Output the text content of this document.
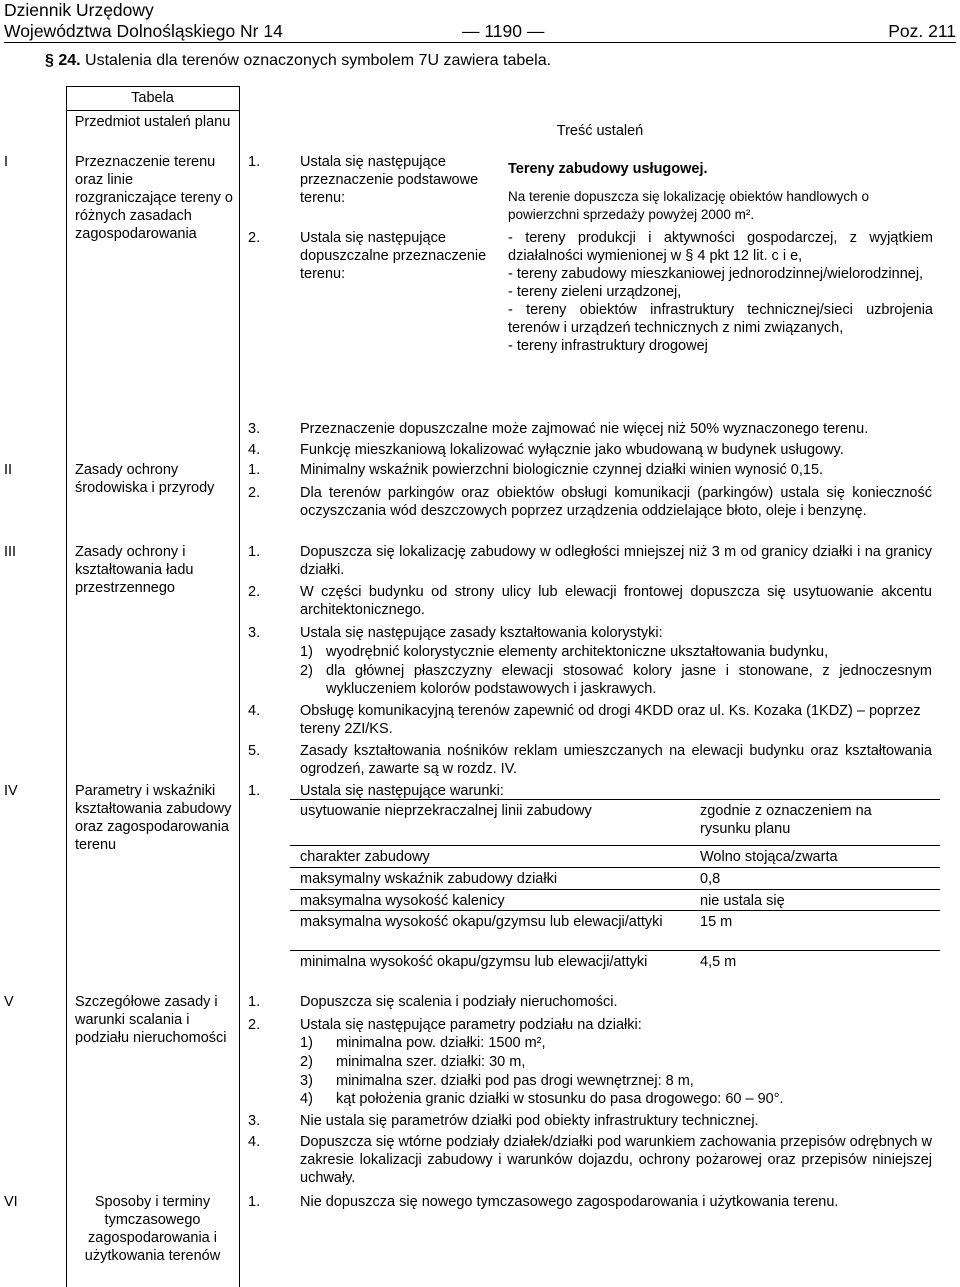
Dziennik Urzędowy
Województwa Dolnośląskiego Nr 14	— 1190 —	Poz. 211
§ 24. Ustalenia dla terenów oznaczonych symbolem 7U zawiera tabela.
Tabela
Przedmiot ustaleń planu
Treść ustaleń
I	Przeznaczenie terenu oraz linie rozgraniczające tereny o różnych zasadach zagospodarowania
1.	Ustala się następujące przeznaczenie podstawowe terenu:
Tereny zabudowy usługowej.
Na terenie dopuszcza się lokalizację obiektów handlowych o powierzchni sprzedaży powyżej 2000 m².
2.	Ustala się następujące dopuszczalne przeznaczenie terenu:
- tereny produkcji i aktywności gospodarczej, z wyjątkiem działalności wymienionej w § 4 pkt 12 lit. c i e,
- tereny zabudowy mieszkaniowej jednorodzinnej/wielorodzinnej,
- tereny zieleni urządzonej,
- tereny obiektów infrastruktury technicznej/sieci uzbrojenia terenów i urządzeń technicznych z nimi związanych,
- tereny infrastruktury drogowej
3.	Przeznaczenie dopuszczalne może zajmować nie więcej niż 50% wyznaczonego terenu.
4.	Funkcję mieszkaniową lokalizować wyłącznie jako wbudowaną w budynek usługowy.
II	Zasady ochrony środowiska i przyrody
1.	Minimalny wskaźnik powierzchni biologicznie czynnej działki winien wynosić 0,15.
2.	Dla terenów parkingów oraz obiektów obsługi komunikacji (parkingów) ustala się konieczność oczyszczania wód deszczowych poprzez urządzenia oddzielające błoto, oleje i benzynę.
III	Zasady ochrony i kształtowania ładu przestrzennego
1.	Dopuszcza się lokalizację zabudowy w odległości mniejszej niż 3 m od granicy działki i na granicy działki.
2.	W części budynku od strony ulicy lub elewacji frontowej dopuszcza się usytuowanie akcentu architektonicznego.
3.	Ustala się następujące zasady kształtowania kolorystyki:
1) wyodrębnić kolorystycznie elementy architektoniczne ukształtowania budynku,
2) dla głównej płaszczyzny elewacji stosować kolory jasne i stonowane, z jednoczesnym wykluczeniem kolorów podstawowych i jaskrawych.
4.	Obsługę komunikacyjną terenów zapewnić od drogi 4KDD oraz ul. Ks. Kozaka (1KDZ) – poprzez tereny 2ZI/KS.
5.	Zasady kształtowania nośników reklam umieszczanych na elewacji budynku oraz kształtowania ogrodzeń, zawarte są w rozdz. IV.
IV	Parametry i wskaźniki kształtowania zabudowy oraz zagospodarowania terenu
1.	Ustala się następujące warunki:
usytuowanie nieprzekraczalnej linii zabudowy	zgodnie z oznaczeniem na rysunku planu
charakter zabudowy	Wolno stojąca/zwarta
maksymalny wskaźnik zabudowy działki	0,8
maksymalna wysokość kalenicy	nie ustala się
maksymalna wysokość okapu/gzymsu lub elewacji/attyki	15 m
minimalna wysokość okapu/gzymsu lub elewacji/attyki	4,5 m
V	Szczegółowe zasady i warunki scalania i podziału nieruchomości
1.	Dopuszcza się scalenia i podziały nieruchomości.
2.	Ustala się następujące parametry podziału na działki:
1) minimalna pow. działki: 1500 m²,
2) minimalna szer. działki: 30 m,
3) minimalna szer. działki pod pas drogi wewnętrznej: 8 m,
4) kąt położenia granic działki w stosunku do pasa drogowego: 60 – 90°.
3.	Nie ustala się parametrów działki pod obiekty infrastruktury technicznej.
4.	Dopuszcza się wtórne podziały działek/działki pod warunkiem zachowania przepisów odrębnych w zakresie lokalizacji zabudowy i warunków dojazdu, ochrony pożarowej oraz przepisów niniejszej uchwały.
VI	Sposoby i terminy tymczasowego zagospodarowania i użytkowania terenów
1.	Nie dopuszcza się nowego tymczasowego zagospodarowania i użytkowania terenu.
